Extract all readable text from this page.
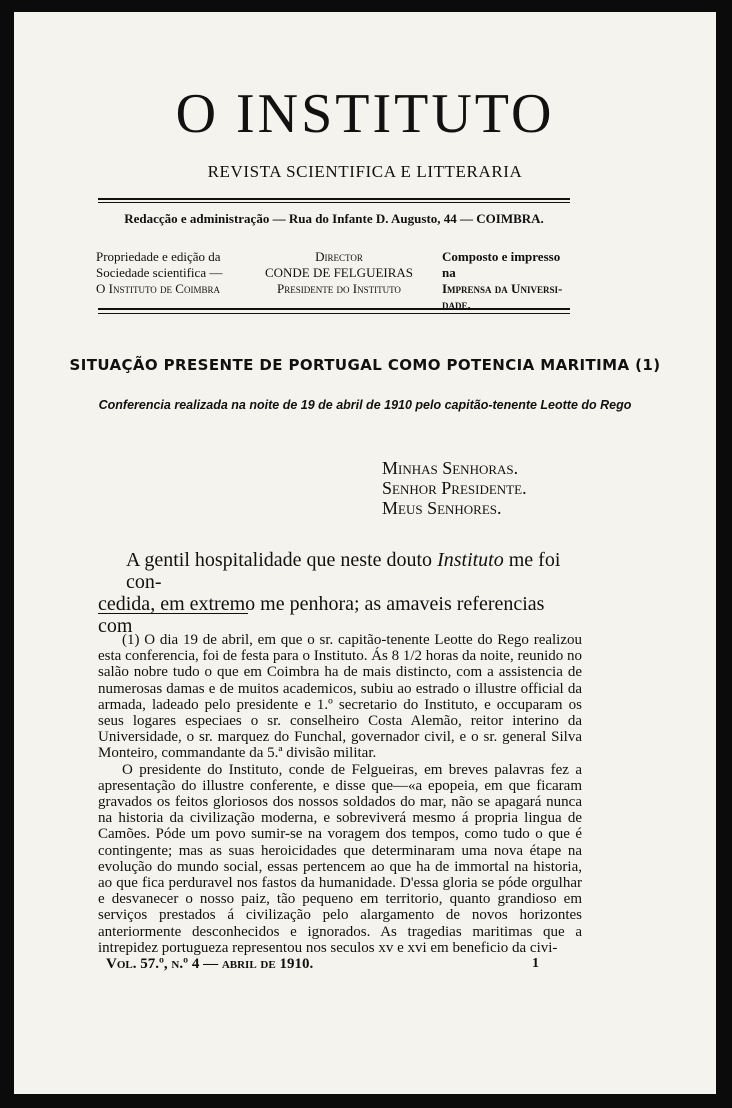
O INSTITUTO
REVISTA SCIENTIFICA E LITTERARIA
Redacção e administração — Rua do Infante D. Augusto, 44 — COIMBRA.
Propriedade e edição da
Sociedade scientifica —
O Instituto de Coimbra
Director
CONDE DE FELGUEIRAS
Presidente do Instituto
Composto e impresso na
Imprensa da Universi-
dade.
SITUAÇÃO PRESENTE DE PORTUGAL COMO POTENCIA MARITIMA (1)
Conferencia realizada na noite de 19 de abril de 1910 pelo capitão-tenente Leotte do Rego
Minhas Senhoras.
Senhor Presidente.
Meus Senhores.
A gentil hospitalidade que neste douto Instituto me foi con-
cedida, em extremo me penhora; as amaveis referencias com

(1) O dia 19 de abril, em que o sr. capitão-tenente Leotte do Rego realizou esta conferencia, foi de festa para o Instituto. Ás 8 1/2 horas da noite, reunido no salão nobre tudo o que em Coimbra ha de mais distincto, com a assistencia de numerosas damas e de muitos academicos, subiu ao estrado o illustre official da armada, ladeado pelo presidente e 1.º secretario do Instituto, e occuparam os seus logares especiaes o sr. conselheiro Costa Alemão, reitor interino da Universidade, o sr. marquez do Funchal, governador civil, e o sr. general Silva Monteiro, commandante da 5.ª divisão militar.

O presidente do Instituto, conde de Felgueiras, em breves palavras fez a apresentação do illustre conferente, e disse que—«a epopeia, em que ficaram gravados os feitos gloriosos dos nossos soldados do mar, não se apagará nunca na historia da civilização moderna, e sobreviverá mesmo á propria lingua de Camões. Póde um povo sumir-se na voragem dos tempos, como tudo o que é contingente; mas as suas heroicidades que determinaram uma nova étape na evolução do mundo social, essas pertencem ao que ha de immortal na historia, ao que fica perduravel nos fastos da humanidade. D'essa gloria se póde orgulhar e desvanecer o nosso paiz, tão pequeno em territorio, quanto grandioso em serviços prestados á civilização pelo alargamento de novos horizontes anteriormente desconhecidos e ignorados. As tragedias maritimas que a intrepidez portugueza representou nos seculos xv e xvi em beneficio da civi-

Vol. 57.º, n.º 4 — abril de 1910.	1
